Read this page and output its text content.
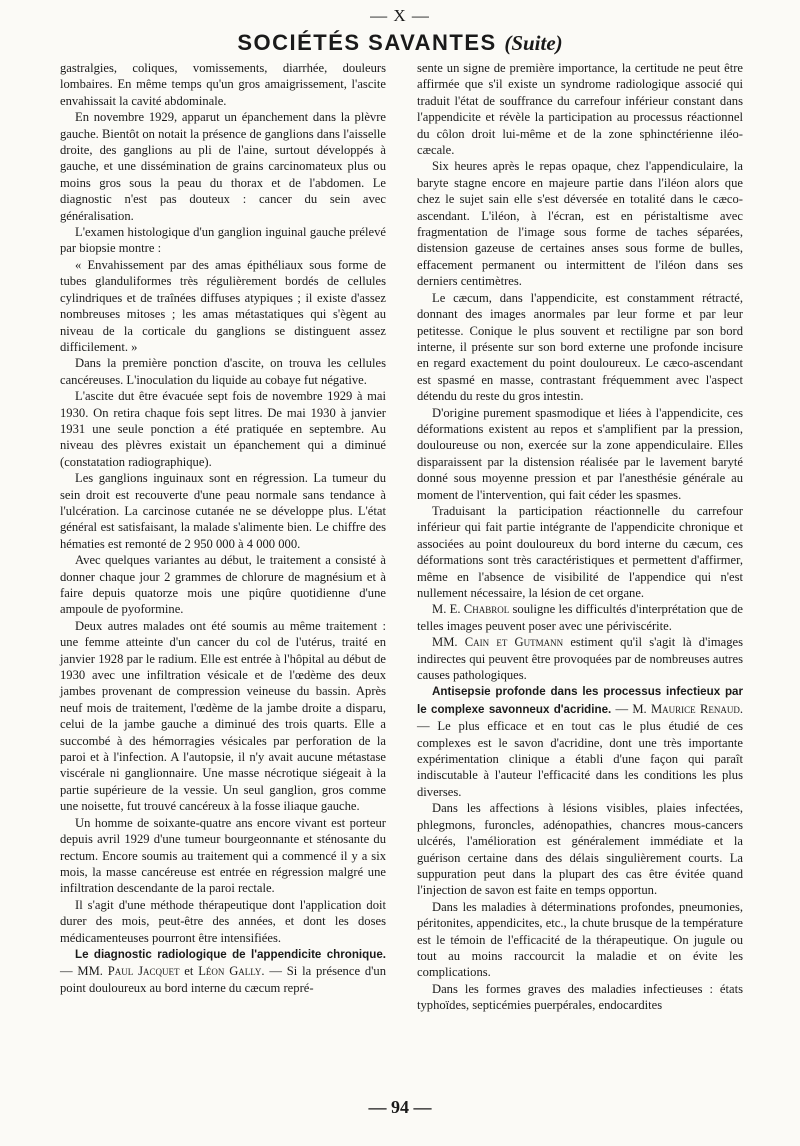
— X —
SOCIÉTÉS SAVANTES (Suite)

gastralgies, coliques, vomissements, diarrhée, douleurs lombaires. En même temps qu'un gros amaigrissement, l'ascite envahissait la cavité abdominale.

En novembre 1929, apparut un épanchement dans la plèvre gauche. Bientôt on notait la présence de ganglions dans l'aisselle droite, des ganglions au pli de l'aine, surtout développés à gauche, et une dissémination de grains carcinomateux plus ou moins gros sous la peau du thorax et de l'abdomen. Le diagnostic n'est pas douteux : cancer du sein avec généralisation.

L'examen histologique d'un ganglion inguinal gauche prélevé par biopsie montre :

« Envahissement par des amas épithéliaux sous forme de tubes glanduliformes très régulièrement bordés de cellules cylindriques et de traînées diffuses atypiques ; il existe d'assez nombreuses mitoses ; les amas métastatiques qui s'ègent au niveau de la corticale du ganglions se distinguent assez difficilement. »

Dans la première ponction d'ascite, on trouva les cellules cancéreuses. L'inoculation du liquide au cobaye fut négative.

L'ascite dut être évacuée sept fois de novembre 1929 à mai 1930. On retira chaque fois sept litres. De mai 1930 à janvier 1931 une seule ponction a été pratiquée en septembre. Au niveau des plèvres existait un épanchement qui a diminué (constatation radiographique).

Les ganglions inguinaux sont en régression. La tumeur du sein droit est recouverte d'une peau normale sans tendance à l'ulcération. La carcinose cutanée ne se développe plus. L'état général est satisfaisant, la malade s'alimente bien. Le chiffre des hématies est remonté de 2 950 000 à 4 000 000.

Avec quelques variantes au début, le traitement a consisté à donner chaque jour 2 grammes de chlorure de magnésium et à faire depuis quatorze mois une piqûre quotidienne d'une ampoule de pyoformine.

Deux autres malades ont été soumis au même traitement : une femme atteinte d'un cancer du col de l'utérus, traité en janvier 1928 par le radium. Elle est entrée à l'hôpital au début de 1930 avec une infiltration vésicale et de l'œdème des deux jambes provenant de compression veineuse du bassin. Après neuf mois de traitement, l'œdème de la jambe droite a disparu, celui de la jambe gauche a diminué des trois quarts. Elle a succombé à des hémorragies vésicales par perforation de la paroi et à l'infection. A l'autopsie, il n'y avait aucune métastase viscérale ni ganglionnaire. Une masse nécrotique siégeait à la partie supérieure de la vessie. Un seul ganglion, gros comme une noisette, fut trouvé cancéreux à la fosse iliaque gauche.

Un homme de soixante-quatre ans encore vivant est porteur depuis avril 1929 d'une tumeur bourgeonnante et sténosante du rectum. Encore soumis au traitement qui a commencé il y a six mois, la masse cancéreuse est entrée en régression malgré une infiltration descendante de la paroi rectale.

Il s'agit d'une méthode thérapeutique dont l'application doit durer des mois, peut-être des années, et dont les doses médicamenteuses pourront être intensifiées.

Le diagnostic radiologique de l'appendicite chronique. — MM. Paul Jacquet et Léon Gally. — Si la présence d'un point douloureux au bord interne du cæcum repré-

sente un signe de première importance, la certitude ne peut être affirmée que s'il existe un syndrome radiologique associé qui traduit l'état de souffrance du carrefour inférieur constant dans l'appendicite et révèle la participation au processus réactionnel du côlon droit lui-même et de la zone sphinctérienne iléo-cæcale.

Six heures après le repas opaque, chez l'appendiculaire, la baryte stagne encore en majeure partie dans l'iléon alors que chez le sujet sain elle s'est déversée en totalité dans le cæco-ascendant. L'iléon, à l'écran, est en péristaltisme avec fragmentation de l'image sous forme de taches séparées, distension gazeuse de certaines anses sous forme de bulles, effacement permanent ou intermittent de l'iléon dans ses derniers centimètres.

Le cæcum, dans l'appendicite, est constamment rétracté, donnant des images anormales par leur forme et par leur petitesse. Conique le plus souvent et rectiligne par son bord interne, il présente sur son bord externe une profonde incisure en regard exactement du point douloureux. Le cæco-ascendant est spasmé en masse, contrastant fréquemment avec l'aspect détendu du reste du gros intestin.

D'origine purement spasmodique et liées à l'appendicite, ces déformations existent au repos et s'amplifient par la pression, douloureuse ou non, exercée sur la zone appendiculaire. Elles disparaissent par la distension réalisée par le lavement baryté donné sous moyenne pression et par l'anesthésie générale au moment de l'intervention, qui fait céder les spasmes.

Traduisant la participation réactionnelle du carrefour inférieur qui fait partie intégrante de l'appendicite chronique et associées au point douloureux du bord interne du cæcum, ces déformations sont très caractéristiques et permettent d'affirmer, même en l'absence de visibilité de l'appendice qui n'est nullement nécessaire, la lésion de cet organe.

M. E. Chabrol souligne les difficultés d'interprétation que de telles images peuvent poser avec une périviscérite.

MM. Cain et Gutmann estiment qu'il s'agit là d'images indirectes qui peuvent être provoquées par de nombreuses autres causes pathologiques.

Antisepsie profonde dans les processus infectieux par le complexe savonneux d'acridine. — M. Maurice Renaud. — Le plus efficace et en tout cas le plus étudié de ces complexes est le savon d'acridine, dont une très importante expérimentation clinique a établi d'une façon qui paraît indiscutable à l'auteur l'efficacité dans les conditions les plus diverses.

Dans les affections à lésions visibles, plaies infectées, phlegmons, furoncles, adénopathies, chancres mous-cancers ulcérés, l'amélioration est généralement immédiate et la guérison certaine dans des délais singulièrement courts. La suppuration peut dans la plupart des cas être évitée quand l'injection de savon est faite en temps opportun.

Dans les maladies à déterminations profondes, pneumonies, péritonites, appendicites, etc., la chute brusque de la température est le témoin de l'efficacité de la thérapeutique. On jugule ou tout au moins raccourcit la maladie et on évite les complications.

Dans les formes graves des maladies infectieuses : états typhoïdes, septicémies puerpérales, endocardites

— 94 —
